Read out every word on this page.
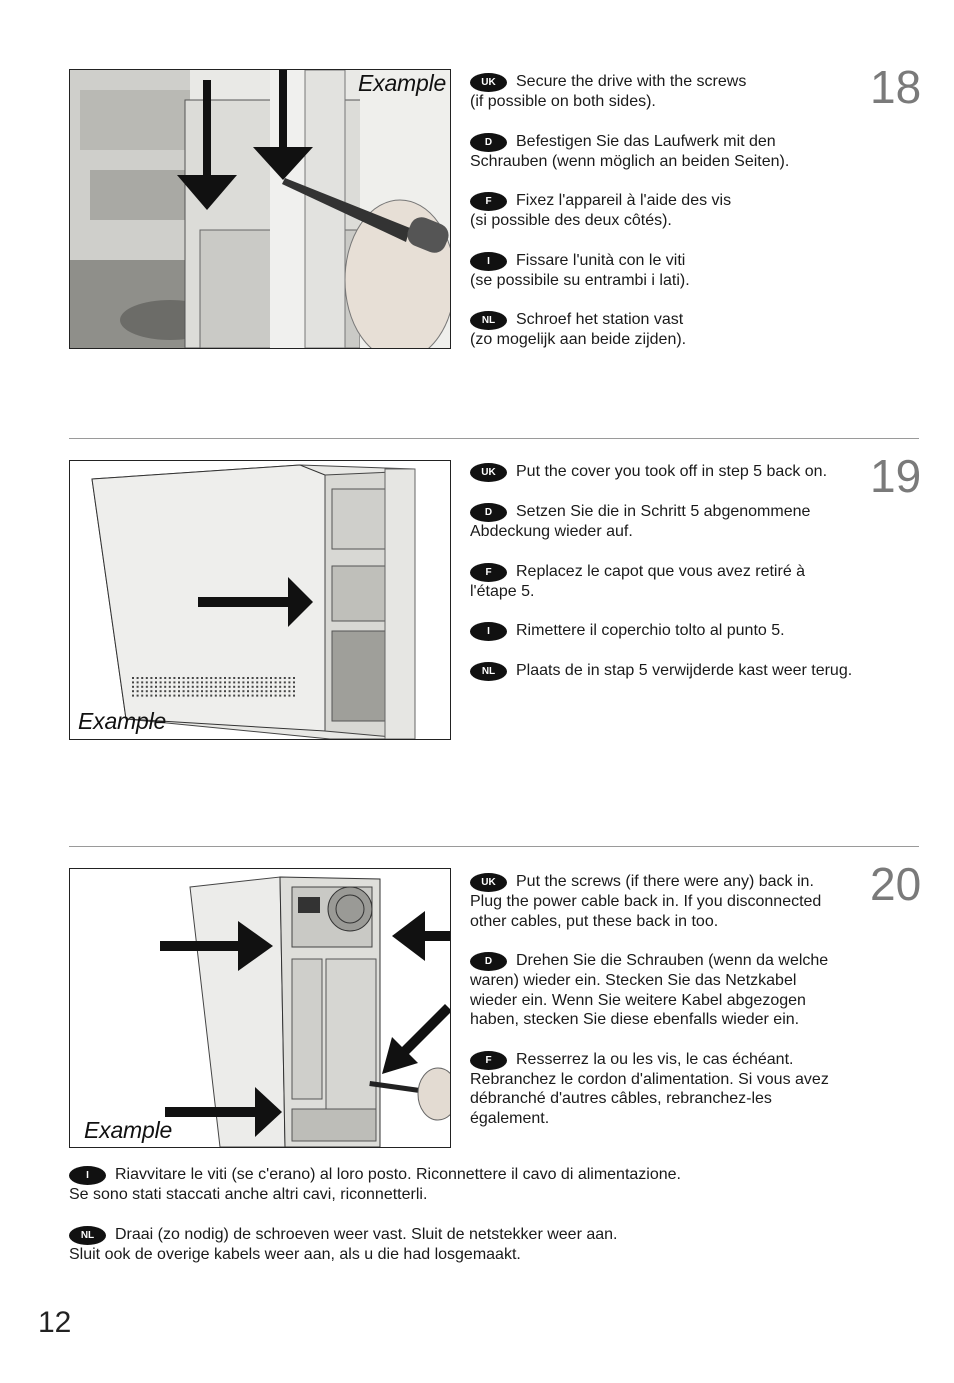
Example	UK Secure the drive with the screws
(if possible on both sides).

D Befestigen Sie das Laufwerk mit den
Schrauben (wenn möglich an beiden Seiten).

F Fixez l'appareil à l'aide des vis
(si possible des deux côtés).

I Fissare l'unità con le viti
(se possibile su entrambi i lati).

NL Schroef het station vast
(zo mogelijk aan beide zijden).

18
Example

UK Put the cover you took off in step 5 back on.

D Setzen Sie die in Schritt 5 abgenommene
Abdeckung wieder auf.

F Replacez le capot que vous avez retiré à
l'étape 5.

I Rimettere il coperchio tolto al punto 5.

NL Plaats de in stap 5 verwijderde kast weer terug.

19
Example

UK Put the screws (if there were any) back in.
Plug the power cable back in. If you disconnected
other cables, put these back in too.

D Drehen Sie die Schrauben (wenn da welche
waren) wieder ein. Stecken Sie das Netzkabel
wieder ein. Wenn Sie weitere Kabel abgezogen
haben, stecken Sie diese ebenfalls wieder ein.

F Resserrez la ou les vis, le cas échéant.
Rebranchez le cordon d'alimentation. Si vous avez
débranché d'autres câbles, rebranchez-les
également.

20

I Riavvitare le viti (se c'erano) al loro posto. Riconnettere il cavo di alimentazione.
Se sono stati staccati anche altri cavi, riconnetterli.

NL Draai (zo nodig) de schroeven weer vast. Sluit de netstekker weer aan.
Sluit ook de overige kabels weer aan, als u die had losgemaakt.

12
